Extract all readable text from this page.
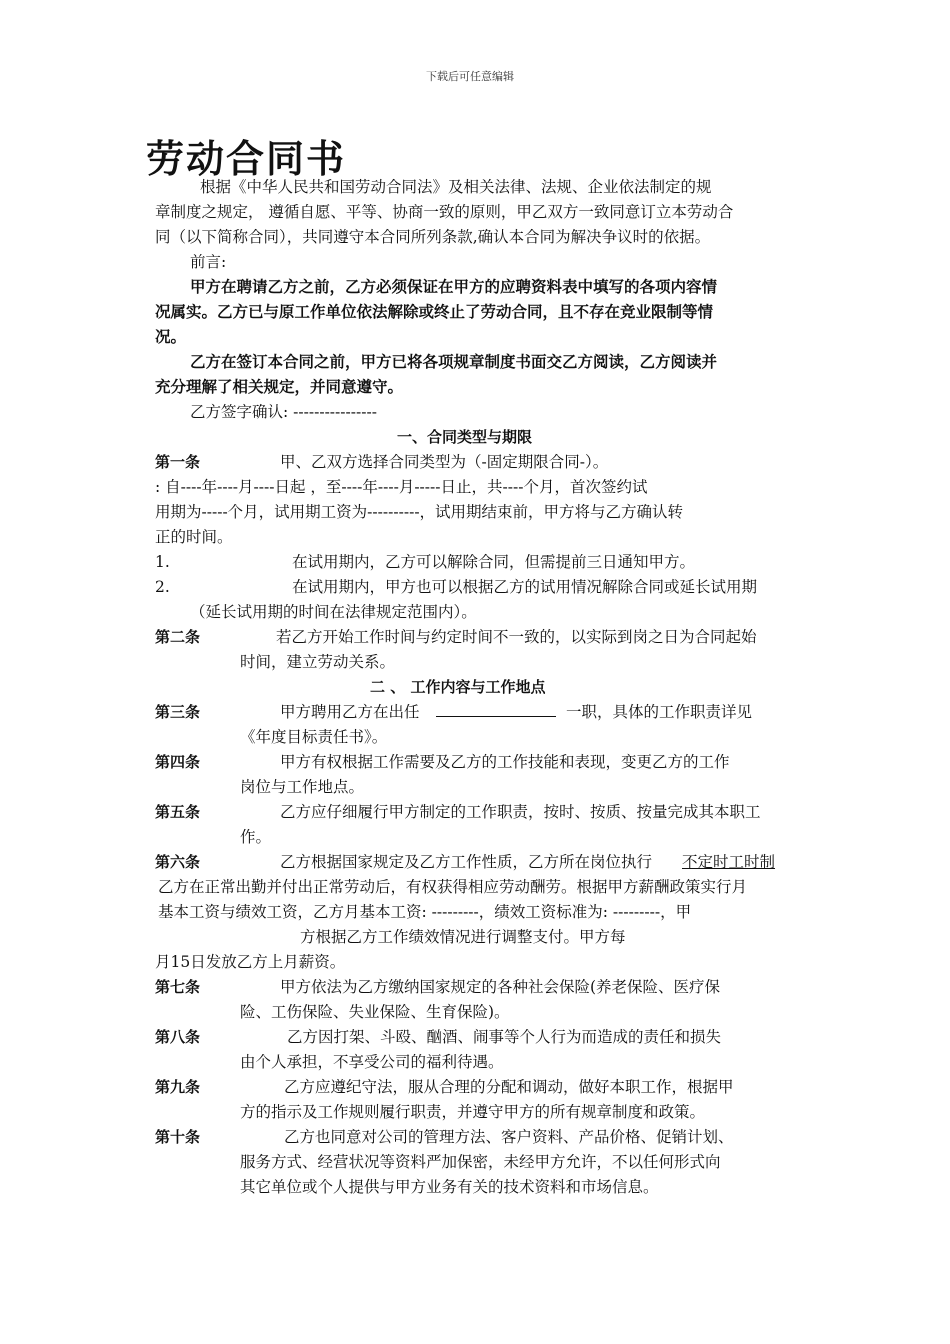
下载后可任意编辑
劳动合同书
根据《中华人民共和国劳动合同法》及相关法律、法规、企业依法制定的规
章制度之规定， 遵循自愿、平等、协商一致的原则，甲乙双方一致同意订立本劳动合
同（以下简称合同），共同遵守本合同所列条款,确认本合同为解决争议时的依据。
前言:
甲方在聘请乙方之前，乙方必须保证在甲方的应聘资料表中填写的各项内容情
况属实。乙方已与原工作单位依法解除或终止了劳动合同，且不存在竞业限制等情
况。
乙方在签订本合同之前，甲方已将各项规章制度书面交乙方阅读，乙方阅读并
充分理解了相关规定，并同意遵守。
乙方签字确认: ----------------
一、合同类型与期限
第一条	甲、乙双方选择合同类型为（-固定期限合同-）。
: 自----年----月----日起 ，至----年----月-----日止，共----个月，首次签约试
用期为-----个月，试用期工资为----------，试用期结束前，甲方将与乙方确认转
正的时间。
1.	在试用期内，乙方可以解除合同，但需提前三日通知甲方。
2.	在试用期内，甲方也可以根据乙方的试用情况解除合同或延长试用期
（延长试用期的时间在法律规定范围内）。
第二条	若乙方开始工作时间与约定时间不一致的，以实际到岗之日为合同起始
时间，建立劳动关系。
二 、 工作内容与工作地点
第三条	甲方聘用乙方在出任	一职，具体的工作职责详见
《年度目标责任书》。
第四条	甲方有权根据工作需要及乙方的工作技能和表现，变更乙方的工作
岗位与工作地点。
第五条	乙方应仔细履行甲方制定的工作职责，按时、按质、按量完成其本职工
作。
第六条	乙方根据国家规定及乙方工作性质，乙方所在岗位执行 不定时工时制
乙方在正常出勤并付出正常劳动后，有权获得相应劳动酬劳。根据甲方薪酬政策实行月
基本工资与绩效工资，乙方月基本工资: ---------，绩效工资标准为: ---------，甲
方根据乙方工作绩效情况进行调整支付。甲方每
月15日发放乙方上月薪资。
第七条	甲方依法为乙方缴纳国家规定的各种社会保险(养老保险、医疗保
险、工伤保险、失业保险、生育保险)。
第八条	乙方因打架、斗殴、酗酒、闹事等个人行为而造成的责任和损失
由个人承担，不享受公司的福利待遇。
第九条	乙方应遵纪守法，服从合理的分配和调动，做好本职工作，根据甲
方的指示及工作规则履行职责，并遵守甲方的所有规章制度和政策。
第十条	乙方也同意对公司的管理方法、客户资料、产品价格、促销计划、
服务方式、经营状况等资料严加保密，未经甲方允许，不以任何形式向
其它单位或个人提供与甲方业务有关的技术资料和市场信息。
